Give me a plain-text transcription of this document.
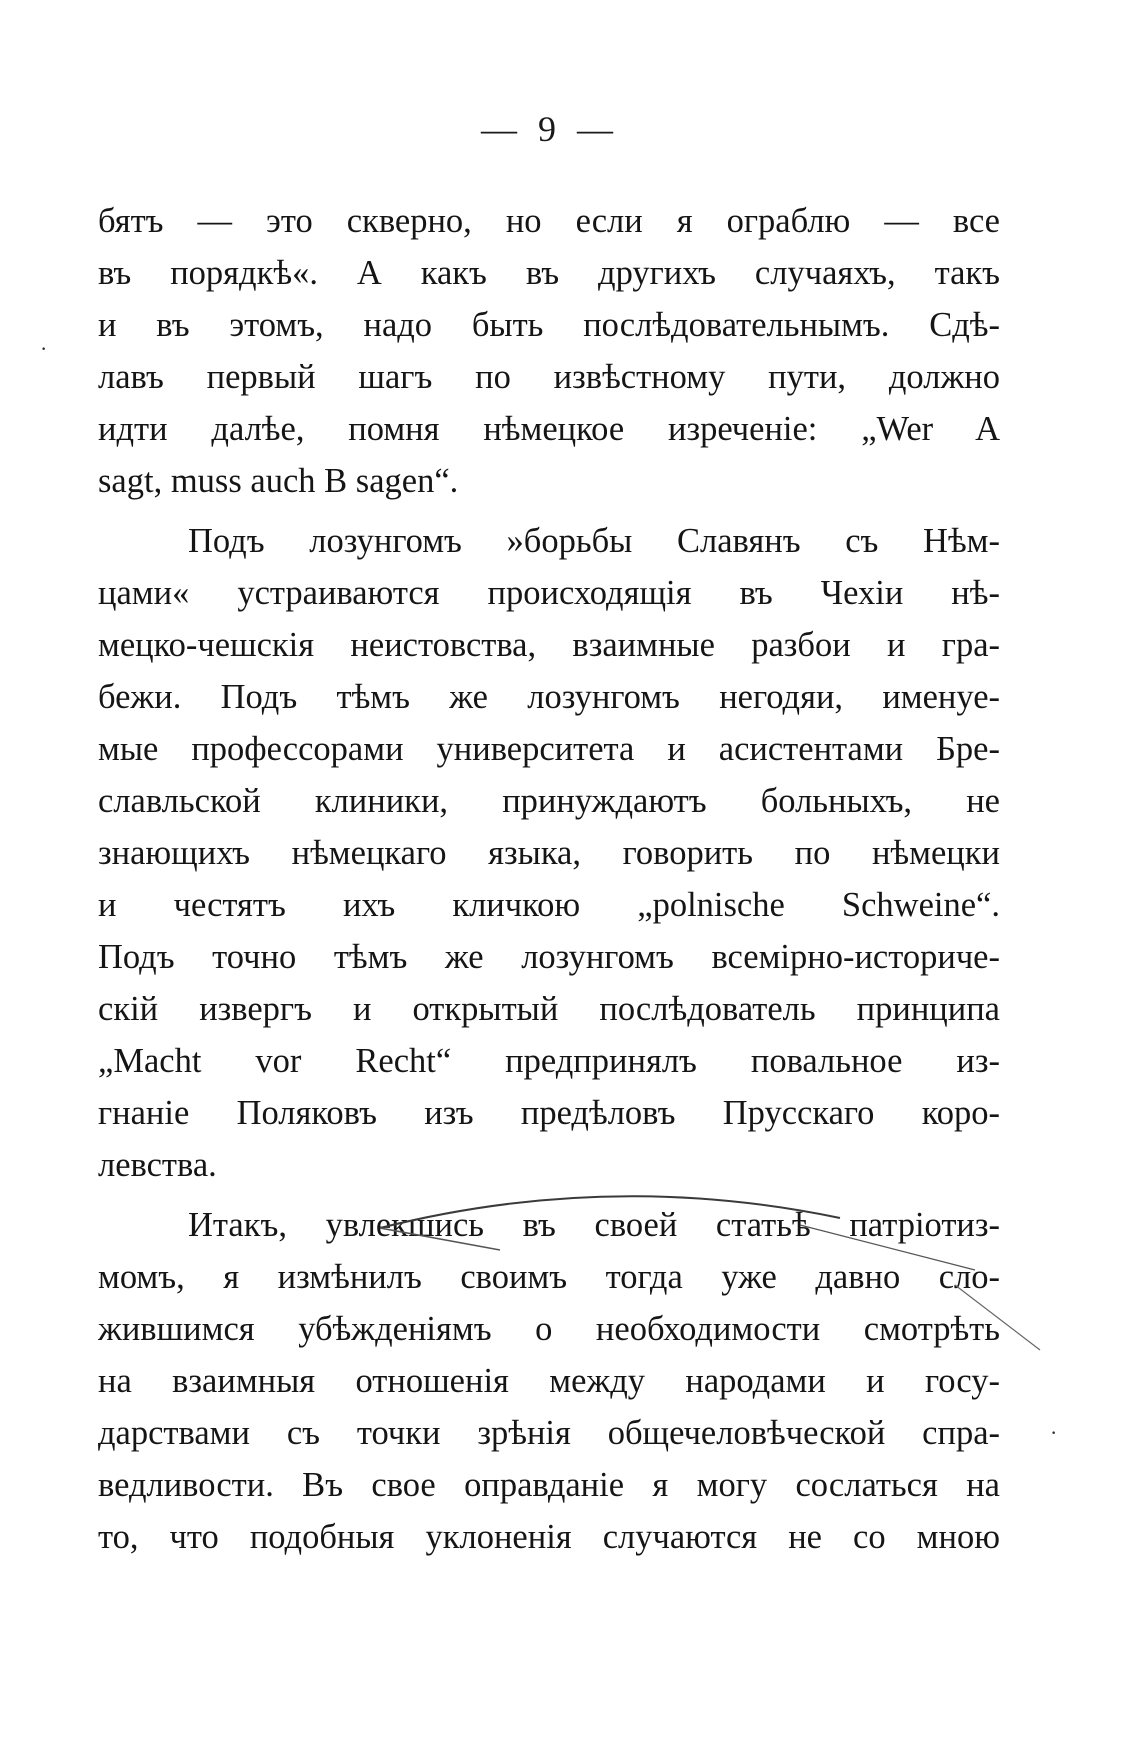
— 9 —
·
·
бятъ — это скверно, но если я ограблю — все
въ порядкѣ«. А какъ въ другихъ случаяхъ, такъ
и въ этомъ, надо быть послѣдовательнымъ. Сдѣ-
лавъ первый шагъ по извѣстному пути, должно
идти далѣе, помня нѣмецкое изреченіе: „Wer A
sagt, muss auch B sagen“.
Подъ лозунгомъ »борьбы Славянъ съ Нѣм-
цами« устраиваются происходящія въ Чехіи нѣ-
мецко-чешскія неистовства, взаимные разбои и гра-
бежи. Подъ тѣмъ же лозунгомъ негодяи, именуе-
мые профессорами университета и асистентами Бре-
славльской клиники, принуждаютъ больныхъ, не
знающихъ нѣмецкаго языка, говорить по нѣмецки
и честятъ ихъ кличкою „polnische Schweine“.
Подъ точно тѣмъ же лозунгомъ всемірно-историче-
скій извергъ и открытый послѣдователь принципа
„Macht vor Recht“ предпринялъ повальное из-
гнаніе Поляковъ изъ предѣловъ Прусскаго коро-
левства.
Итакъ, увлекшись въ своей статьѣ патріотиз-
момъ, я измѣнилъ своимъ тогда уже давно сло-
жившимся убѣжденіямъ о необходимости смотрѣть
на взаимныя отношенія между народами и госу-
дарствами съ точки зрѣнія общечеловѣческой спра-
ведливости. Въ свое оправданіе я могу сослаться на
то, что подобныя уклоненія случаются не со мною
